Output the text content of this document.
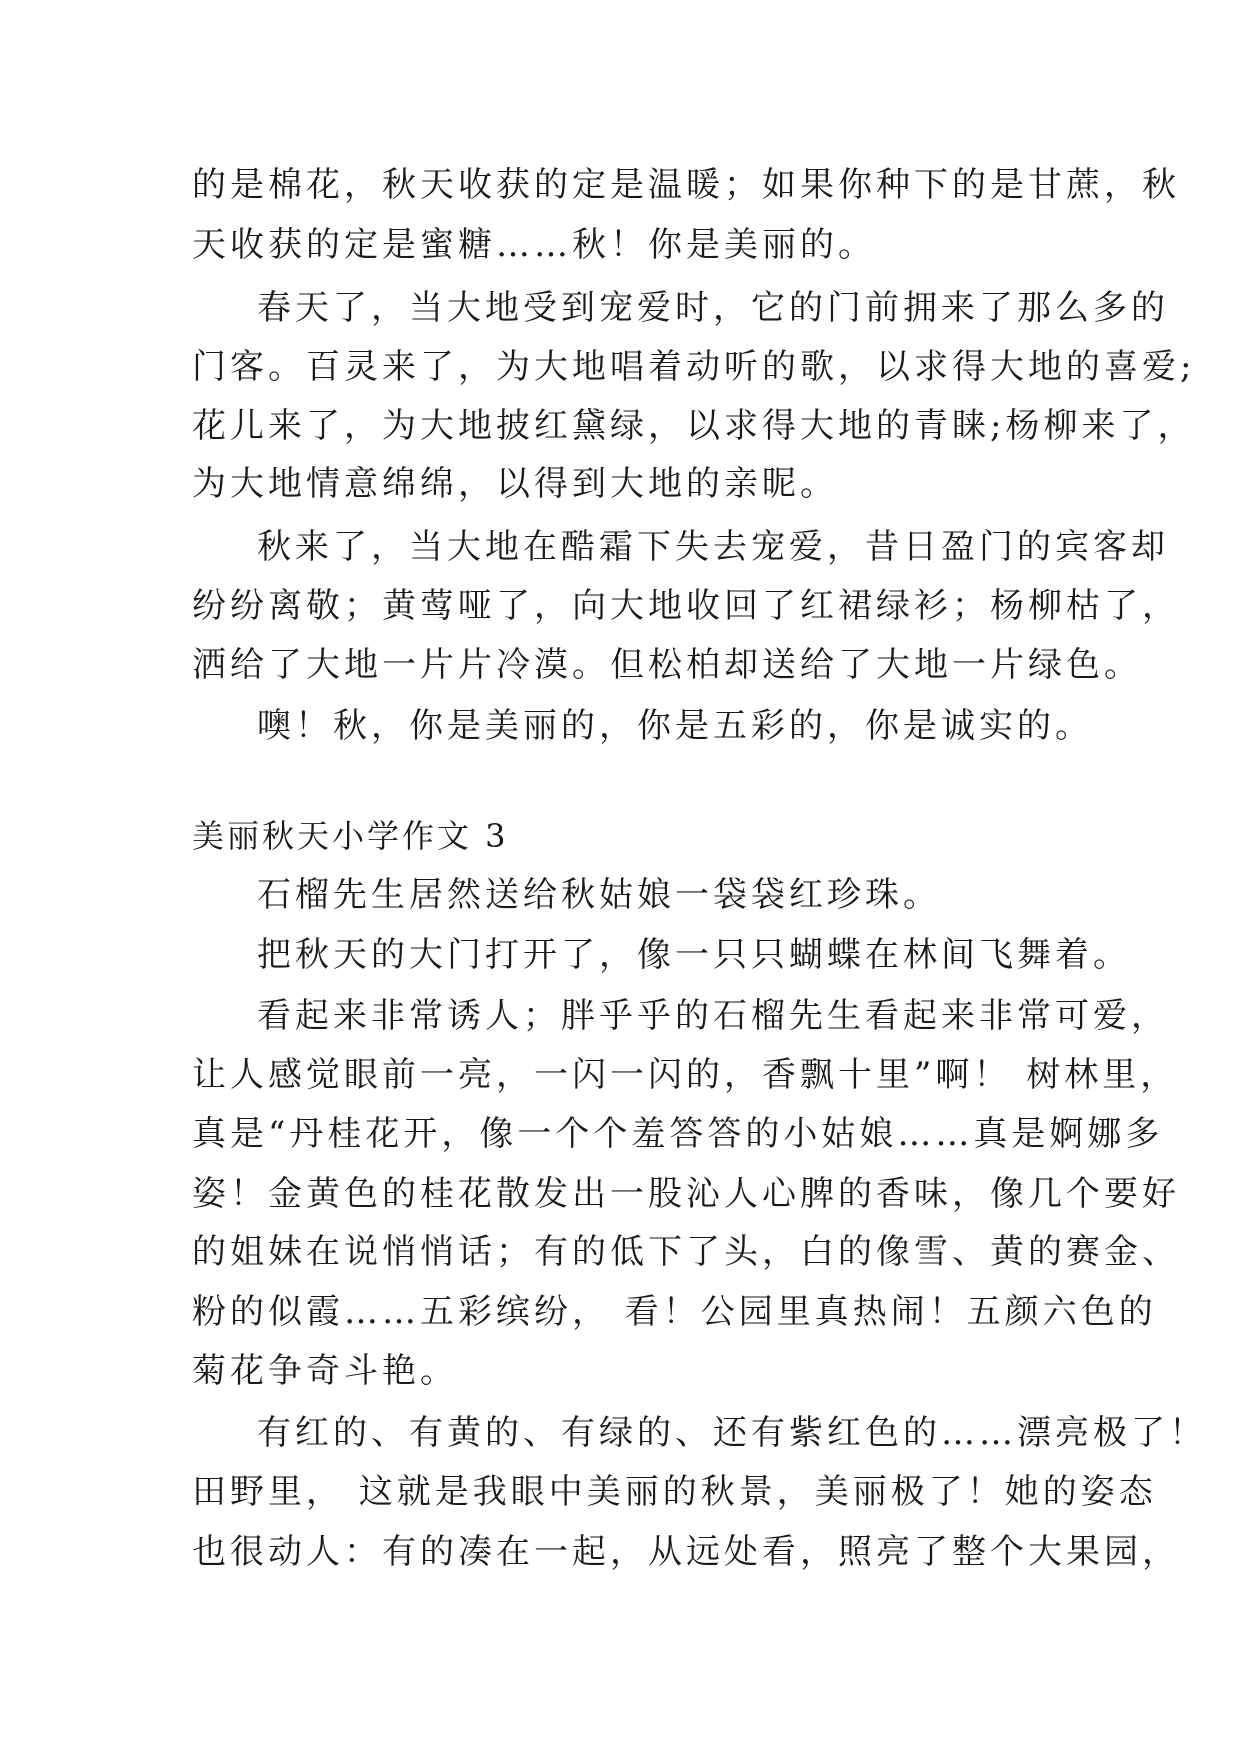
的是棉花，秋天收获的定是温暖；如果你种下的是甘蔗，秋
天收获的定是蜜糖……秋！你是美丽的。
春天了，当大地受到宠爱时，它的门前拥来了那么多的
门客。百灵来了，为大地唱着动听的歌，以求得大地的喜爱;
花儿来了，为大地披红黛绿，以求得大地的青睐;杨柳来了，
为大地情意绵绵，以得到大地的亲昵。
秋来了，当大地在酷霜下失去宠爱，昔日盈门的宾客却
纷纷离敬；黄莺哑了，向大地收回了红裙绿衫；杨柳枯了，
洒给了大地一片片冷漠。但松柏却送给了大地一片绿色。
噢！秋，你是美丽的，你是五彩的，你是诚实的。
美丽秋天小学作文 3
石榴先生居然送给秋姑娘一袋袋红珍珠。
把秋天的大门打开了，像一只只蝴蝶在林间飞舞着。
看起来非常诱人；胖乎乎的石榴先生看起来非常可爱，
让人感觉眼前一亮，一闪一闪的，香飘十里”啊！ 树林里，
真是“丹桂花开，像一个个羞答答的小姑娘……真是婀娜多
姿！金黄色的桂花散发出一股沁人心脾的香味，像几个要好
的姐妹在说悄悄话；有的低下了头，白的像雪、黄的赛金、
粉的似霞……五彩缤纷， 看！公园里真热闹！五颜六色的
菊花争奇斗艳。
有红的、有黄的、有绿的、还有紫红色的……漂亮极了！
田野里， 这就是我眼中美丽的秋景，美丽极了！她的姿态
也很动人：有的凑在一起，从远处看，照亮了整个大果园，
